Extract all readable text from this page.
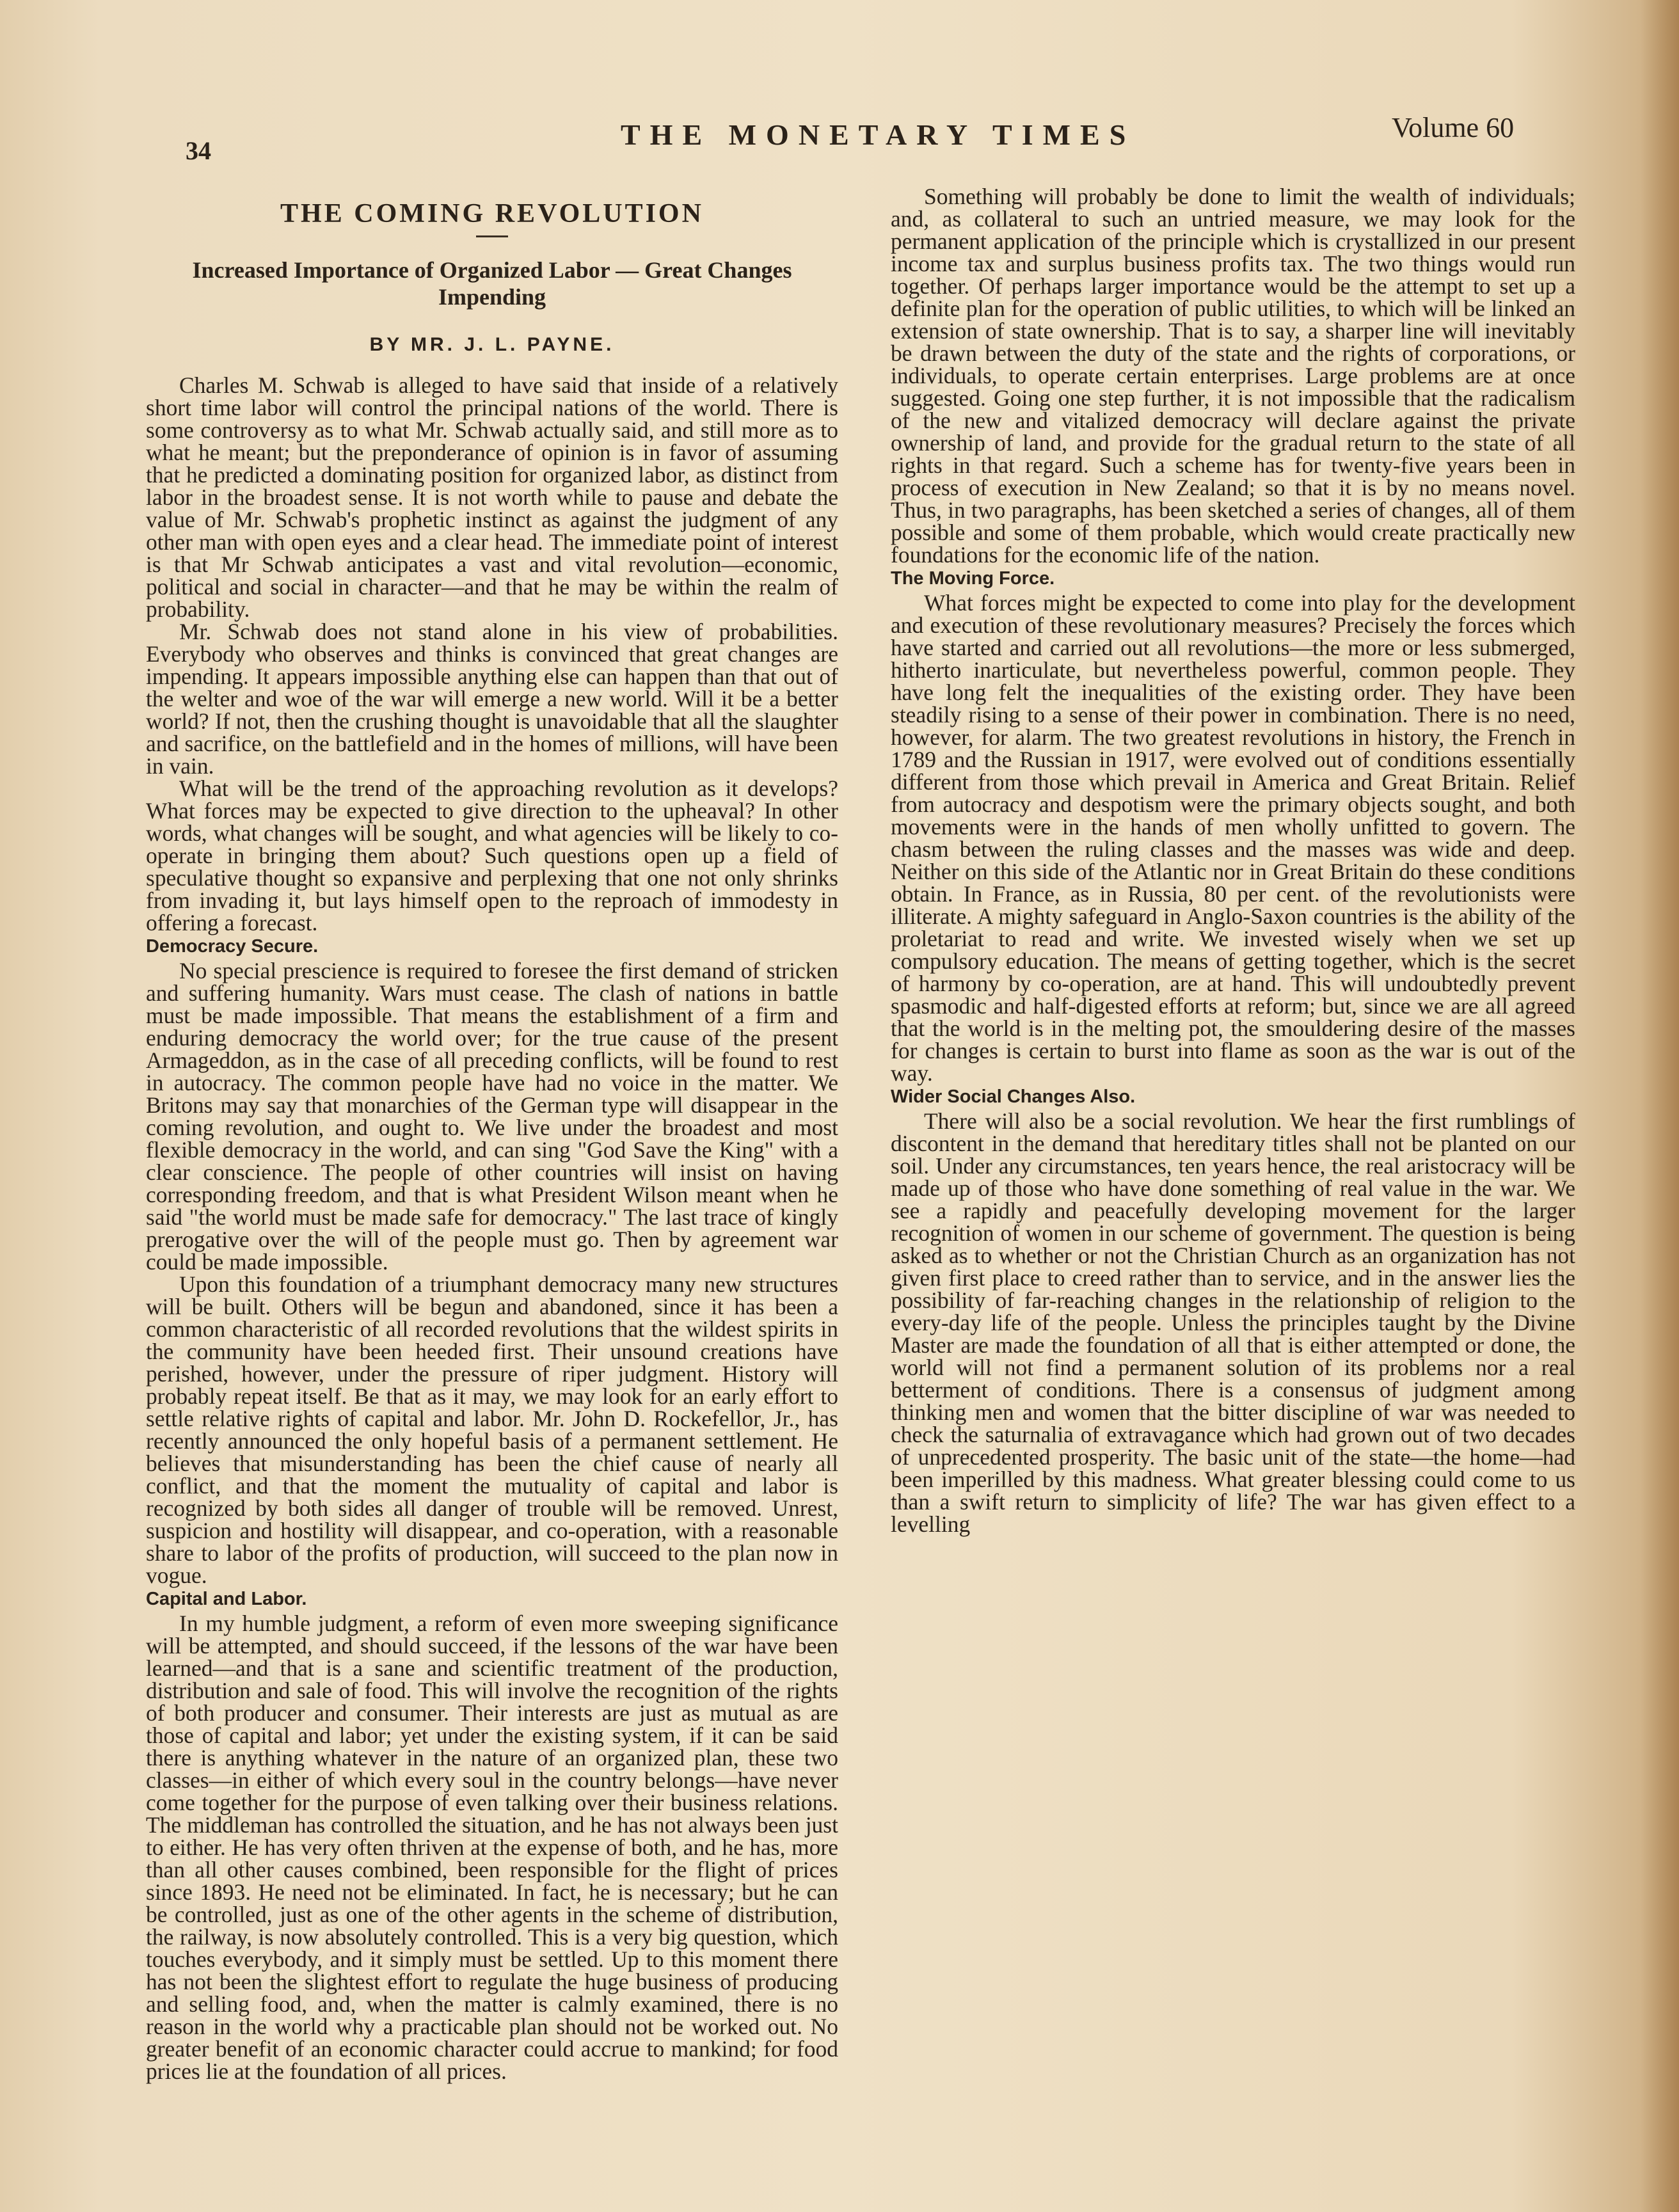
34	THE MONETARY TIMES	Volume 60
THE COMING REVOLUTION
Increased Importance of Organized Labor — Great Changes Impending
BY MR. J. L. PAYNE.

Charles M. Schwab is alleged to have said that inside of a relatively short time labor will control the principal nations of the world. There is some controversy as to what Mr. Schwab actually said, and still more as to what he meant; but the preponderance of opinion is in favor of assuming that he predicted a dominating position for organized labor, as distinct from labor in the broadest sense. It is not worth while to pause and debate the value of Mr. Schwab's prophetic instinct as against the judgment of any other man with open eyes and a clear head. The immediate point of interest is that Mr Schwab anticipates a vast and vital revolution—economic, political and social in character—and that he may be within the realm of probability.

Mr. Schwab does not stand alone in his view of probabilities. Everybody who observes and thinks is convinced that great changes are impending. It appears impossible anything else can happen than that out of the welter and woe of the war will emerge a new world. Will it be a better world? If not, then the crushing thought is unavoidable that all the slaughter and sacrifice, on the battlefield and in the homes of millions, will have been in vain.

What will be the trend of the approaching revolution as it develops? What forces may be expected to give direction to the upheaval? In other words, what changes will be sought, and what agencies will be likely to co-operate in bringing them about? Such questions open up a field of speculative thought so expansive and perplexing that one not only shrinks from invading it, but lays himself open to the reproach of immodesty in offering a forecast.

Democracy Secure.

No special prescience is required to foresee the first demand of stricken and suffering humanity. Wars must cease. The clash of nations in battle must be made impossible. That means the establishment of a firm and enduring democracy the world over; for the true cause of the present Armageddon, as in the case of all preceding conflicts, will be found to rest in autocracy. The common people have had no voice in the matter. We Britons may say that monarchies of the German type will disappear in the coming revolution, and ought to. We live under the broadest and most flexible democracy in the world, and can sing "God Save the King" with a clear conscience. The people of other countries will insist on having corresponding freedom, and that is what President Wilson meant when he said "the world must be made safe for democracy." The last trace of kingly prerogative over the will of the people must go. Then by agreement war could be made impossible.

Upon this foundation of a triumphant democracy many new structures will be built. Others will be begun and abandoned, since it has been a common characteristic of all recorded revolutions that the wildest spirits in the community have been heeded first. Their unsound creations have perished, however, under the pressure of riper judgment. History will probably repeat itself. Be that as it may, we may look for an early effort to settle relative rights of capital and labor. Mr. John D. Rockefellor, Jr., has recently announced the only hopeful basis of a permanent settlement. He believes that misunderstanding has been the chief cause of nearly all conflict, and that the moment the mutuality of capital and labor is recognized by both sides all danger of trouble will be removed. Unrest, suspicion and hostility will disappear, and co-operation, with a reasonable share to labor of the profits of production, will succeed to the plan now in vogue.

Capital and Labor.

In my humble judgment, a reform of even more sweeping significance will be attempted, and should succeed, if the lessons of the war have been learned—and that is a sane and scientific treatment of the production, distribution and sale of food. This will involve the recognition of the rights of both producer and consumer. Their interests are just as mutual as are those of capital and labor; yet under the existing system, if it can be said there is anything whatever in the nature of an organized plan, these two classes—in either of which every soul in the country belongs—have never come together for the purpose of even talking over their business relations. The middleman has controlled the situation, and he has not always been just to either. He has very often thriven at the expense of both, and he has, more than all other causes combined, been responsible for the flight of prices since 1893. He need not be eliminated. In fact, he is necessary; but he can be controlled, just as one of the other agents in the scheme of distribution, the railway, is now absolutely controlled. This is a very big question, which touches everybody, and it simply must be settled. Up to this moment there has not been the slightest effort to regulate the huge business of producing and selling food, and, when the matter is calmly examined, there is no reason in the world why a practicable plan should not be worked out. No greater benefit of an economic character could accrue to mankind; for food prices lie at the foundation of all prices.

Something will probably be done to limit the wealth of individuals; and, as collateral to such an untried measure, we may look for the permanent application of the principle which is crystallized in our present income tax and surplus business profits tax. The two things would run together. Of perhaps larger importance would be the attempt to set up a definite plan for the operation of public utilities, to which will be linked an extension of state ownership. That is to say, a sharper line will inevitably be drawn between the duty of the state and the rights of corporations, or individuals, to operate certain enterprises. Large problems are at once suggested. Going one step further, it is not impossible that the radicalism of the new and vitalized democracy will declare against the private ownership of land, and provide for the gradual return to the state of all rights in that regard. Such a scheme has for twenty-five years been in process of execution in New Zealand; so that it is by no means novel. Thus, in two paragraphs, has been sketched a series of changes, all of them possible and some of them probable, which would create practically new foundations for the economic life of the nation.

The Moving Force.

What forces might be expected to come into play for the development and execution of these revolutionary measures? Precisely the forces which have started and carried out all revolutions—the more or less submerged, hitherto inarticulate, but nevertheless powerful, common people. They have long felt the inequalities of the existing order. They have been steadily rising to a sense of their power in combination. There is no need, however, for alarm. The two greatest revolutions in history, the French in 1789 and the Russian in 1917, were evolved out of conditions essentially different from those which prevail in America and Great Britain. Relief from autocracy and despotism were the primary objects sought, and both movements were in the hands of men wholly unfitted to govern. The chasm between the ruling classes and the masses was wide and deep. Neither on this side of the Atlantic nor in Great Britain do these conditions obtain. In France, as in Russia, 80 per cent. of the revolutionists were illiterate. A mighty safeguard in Anglo-Saxon countries is the ability of the proletariat to read and write. We invested wisely when we set up compulsory education. The means of getting together, which is the secret of harmony by co-operation, are at hand. This will undoubtedly prevent spasmodic and half-digested efforts at reform; but, since we are all agreed that the world is in the melting pot, the smouldering desire of the masses for changes is certain to burst into flame as soon as the war is out of the way.

Wider Social Changes Also.

There will also be a social revolution. We hear the first rumblings of discontent in the demand that hereditary titles shall not be planted on our soil. Under any circumstances, ten years hence, the real aristocracy will be made up of those who have done something of real value in the war. We see a rapidly and peacefully developing movement for the larger recognition of women in our scheme of government. The question is being asked as to whether or not the Christian Church as an organization has not given first place to creed rather than to service, and in the answer lies the possibility of far-reaching changes in the relationship of religion to the every-day life of the people. Unless the principles taught by the Divine Master are made the foundation of all that is either attempted or done, the world will not find a permanent solution of its problems nor a real betterment of conditions. There is a consensus of judgment among thinking men and women that the bitter discipline of war was needed to check the saturnalia of extravagance which had grown out of two decades of unprecedented prosperity. The basic unit of the state—the home—had been imperilled by this madness. What greater blessing could come to us than a swift return to simplicity of life? The war has given effect to a levelling
